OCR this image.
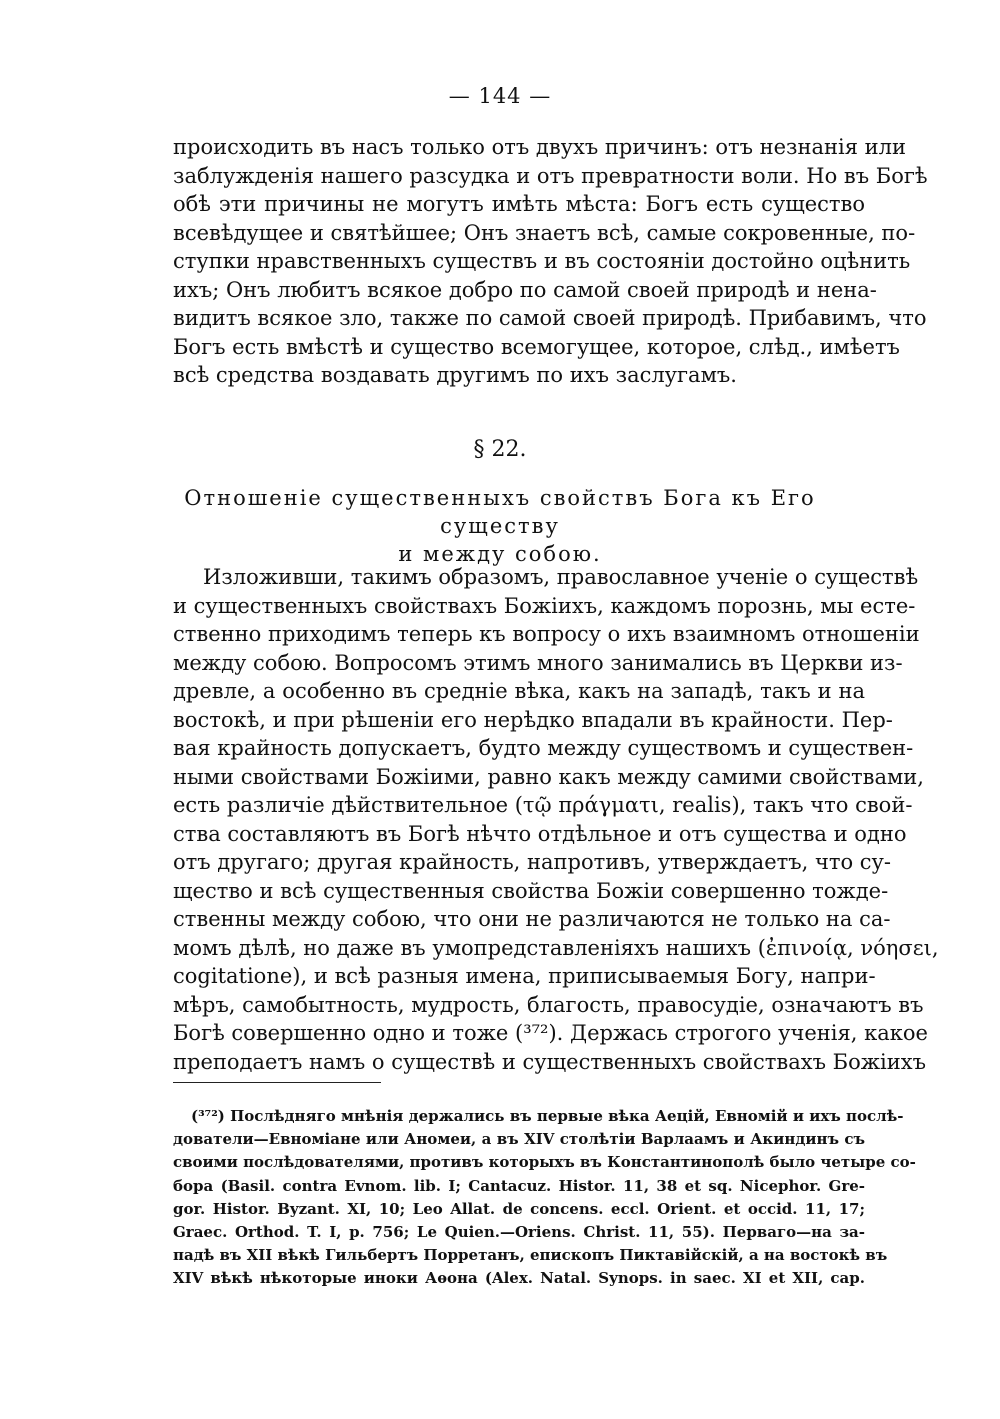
— 144 —
происходить въ насъ только отъ двухъ причинъ: отъ незнанія или
заблужденія нашего разсудка и отъ превратности воли. Но въ Богѣ
обѣ эти причины не могутъ имѣть мѣста: Богъ есть существо
всевѣдущее и святѣйшее; Онъ знаетъ всѣ, самые сокровенные, по-
ступки нравственныхъ существъ и въ состояніи достойно оцѣнить
ихъ; Онъ любитъ всякое добро по самой своей природѣ и нена-
видитъ всякое зло, также по самой своей природѣ. Прибавимъ, что
Богъ есть вмѣстѣ и существо всемогущее, которое, слѣд., имѣетъ
всѣ средства воздавать другимъ по ихъ заслугамъ.
§ 22.
Отношеніе существенныхъ свойствъ Бога къ Его существу
и между собою.
Изложивши, такимъ образомъ, православное ученіе о существѣ
и существенныхъ свойствахъ Божіихъ, каждомъ порознь, мы есте-
ственно приходимъ теперь къ вопросу о ихъ взаимномъ отношеніи
между собою. Вопросомъ этимъ много занимались въ Церкви из-
древле, а особенно въ средніе вѣка, какъ на западѣ, такъ и на
востокѣ, и при рѣшеніи его нерѣдко впадали въ крайности. Пер-
вая крайность допускаетъ, будто между существомъ и существен-
ными свойствами Божіими, равно какъ между самими свойствами,
есть различіе дѣйствительное (τῷ πράγματι, realis), такъ что свой-
ства составляютъ въ Богѣ нѣчто отдѣльное и отъ существа и одно
отъ другаго; другая крайность, напротивъ, утверждаетъ, что су-
щество и всѣ существенныя свойства Божіи совершенно тожде-
ственны между собою, что они не различаются не только на са-
момъ дѣлѣ, но даже въ умопредставленіяхъ нашихъ (ἐπινοίᾳ, νόησει,
cogitatione), и всѣ разныя имена, приписываемыя Богу, напри-
мѣръ, самобытность, мудрость, благость, правосудіе, означаютъ въ
Богѣ совершенно одно и тоже (³⁷²). Держась строгого ученія, какое
преподаетъ намъ о существѣ и существенныхъ свойствахъ Божіихъ
(³⁷²) Послѣдняго мнѣнія держались въ первые вѣка Аецій, Евномій и ихъ послѣ-
дователи—Евноміане или Аномеи, а въ XIV столѣтіи Варлаамъ и Акиндинъ съ
своими послѣдователями, противъ которыхъ въ Константинополѣ было четыре со-
бора (Basil. contra Evnom. lib. I; Cantacuz. Histor. 11, 38 et sq. Nicephor. Gre-
gor. Histor. Byzant. XI, 10; Leo Allat. de concens. eccl. Orient. et occid. 11, 17;
Graec. Orthod. T. I, p. 756; Le Quien.—Oriens. Christ. 11, 55). Перваго—на за-
падѣ въ XII вѣкѣ Гильбертъ Порретанъ, епископъ Пиктавійскій, а на востокѣ въ
XIV вѣкѣ нѣкоторые иноки Аѳона (Alex. Natal. Synops. in saec. XI et XII, cap.
